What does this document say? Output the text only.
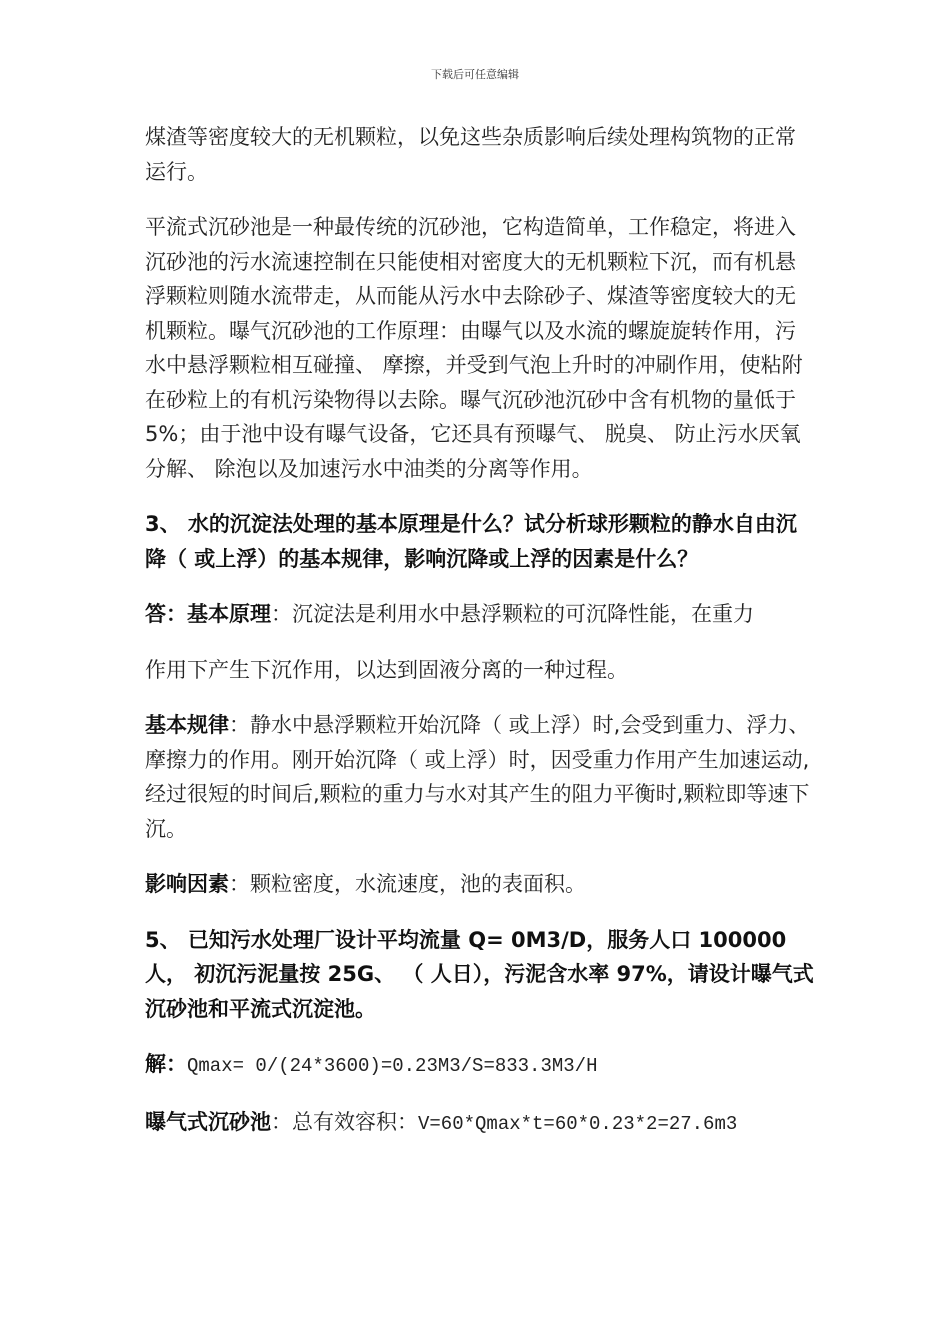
下载后可任意编辑

煤渣等密度较大的无机颗粒，以免这些杂质影响后续处理构筑物的正常运行。

平流式沉砂池是一种最传统的沉砂池，它构造简单，工作稳定，将进入沉砂池的污水流速控制在只能使相对密度大的无机颗粒下沉，而有机悬浮颗粒则随水流带走，从而能从污水中去除砂子、煤渣等密度较大的无机颗粒。曝气沉砂池的工作原理：由曝气以及水流的螺旋旋转作用，污水中悬浮颗粒相互碰撞、 摩擦，并受到气泡上升时的冲刷作用，使粘附在砂粒上的有机污染物得以去除。曝气沉砂池沉砂中含有机物的量低于 5%；由于池中设有曝气设备，它还具有预曝气、 脱臭、 防止污水厌氧分解、 除泡以及加速污水中油类的分离等作用。

3、 水的沉淀法处理的基本原理是什么？试分析球形颗粒的静水自由沉降（ 或上浮）的基本规律，影响沉降或上浮的因素是什么？

答：基本原理：沉淀法是利用水中悬浮颗粒的可沉降性能，在重力

作用下产生下沉作用，以达到固液分离的一种过程。

基本规律：静水中悬浮颗粒开始沉降（ 或上浮）时,会受到重力、浮力、 摩擦力的作用。刚开始沉降（ 或上浮）时，因受重力作用产生加速运动,经过很短的时间后,颗粒的重力与水对其产生的阻力平衡时,颗粒即等速下沉。

影响因素：颗粒密度，水流速度，池的表面积。

5、 已知污水处理厂设计平均流量 Q= 0M3/D，服务人口 100000 人， 初沉污泥量按 25G、 （ 人日），污泥含水率 97%，请设计曝气式沉砂池和平流式沉淀池。

解：Qmax= 0/(24*3600)=0.23M3/S=833.3M3/H

曝气式沉砂池：总有效容积：V=60*Qmax*t=60*0.23*2=27.6m3
